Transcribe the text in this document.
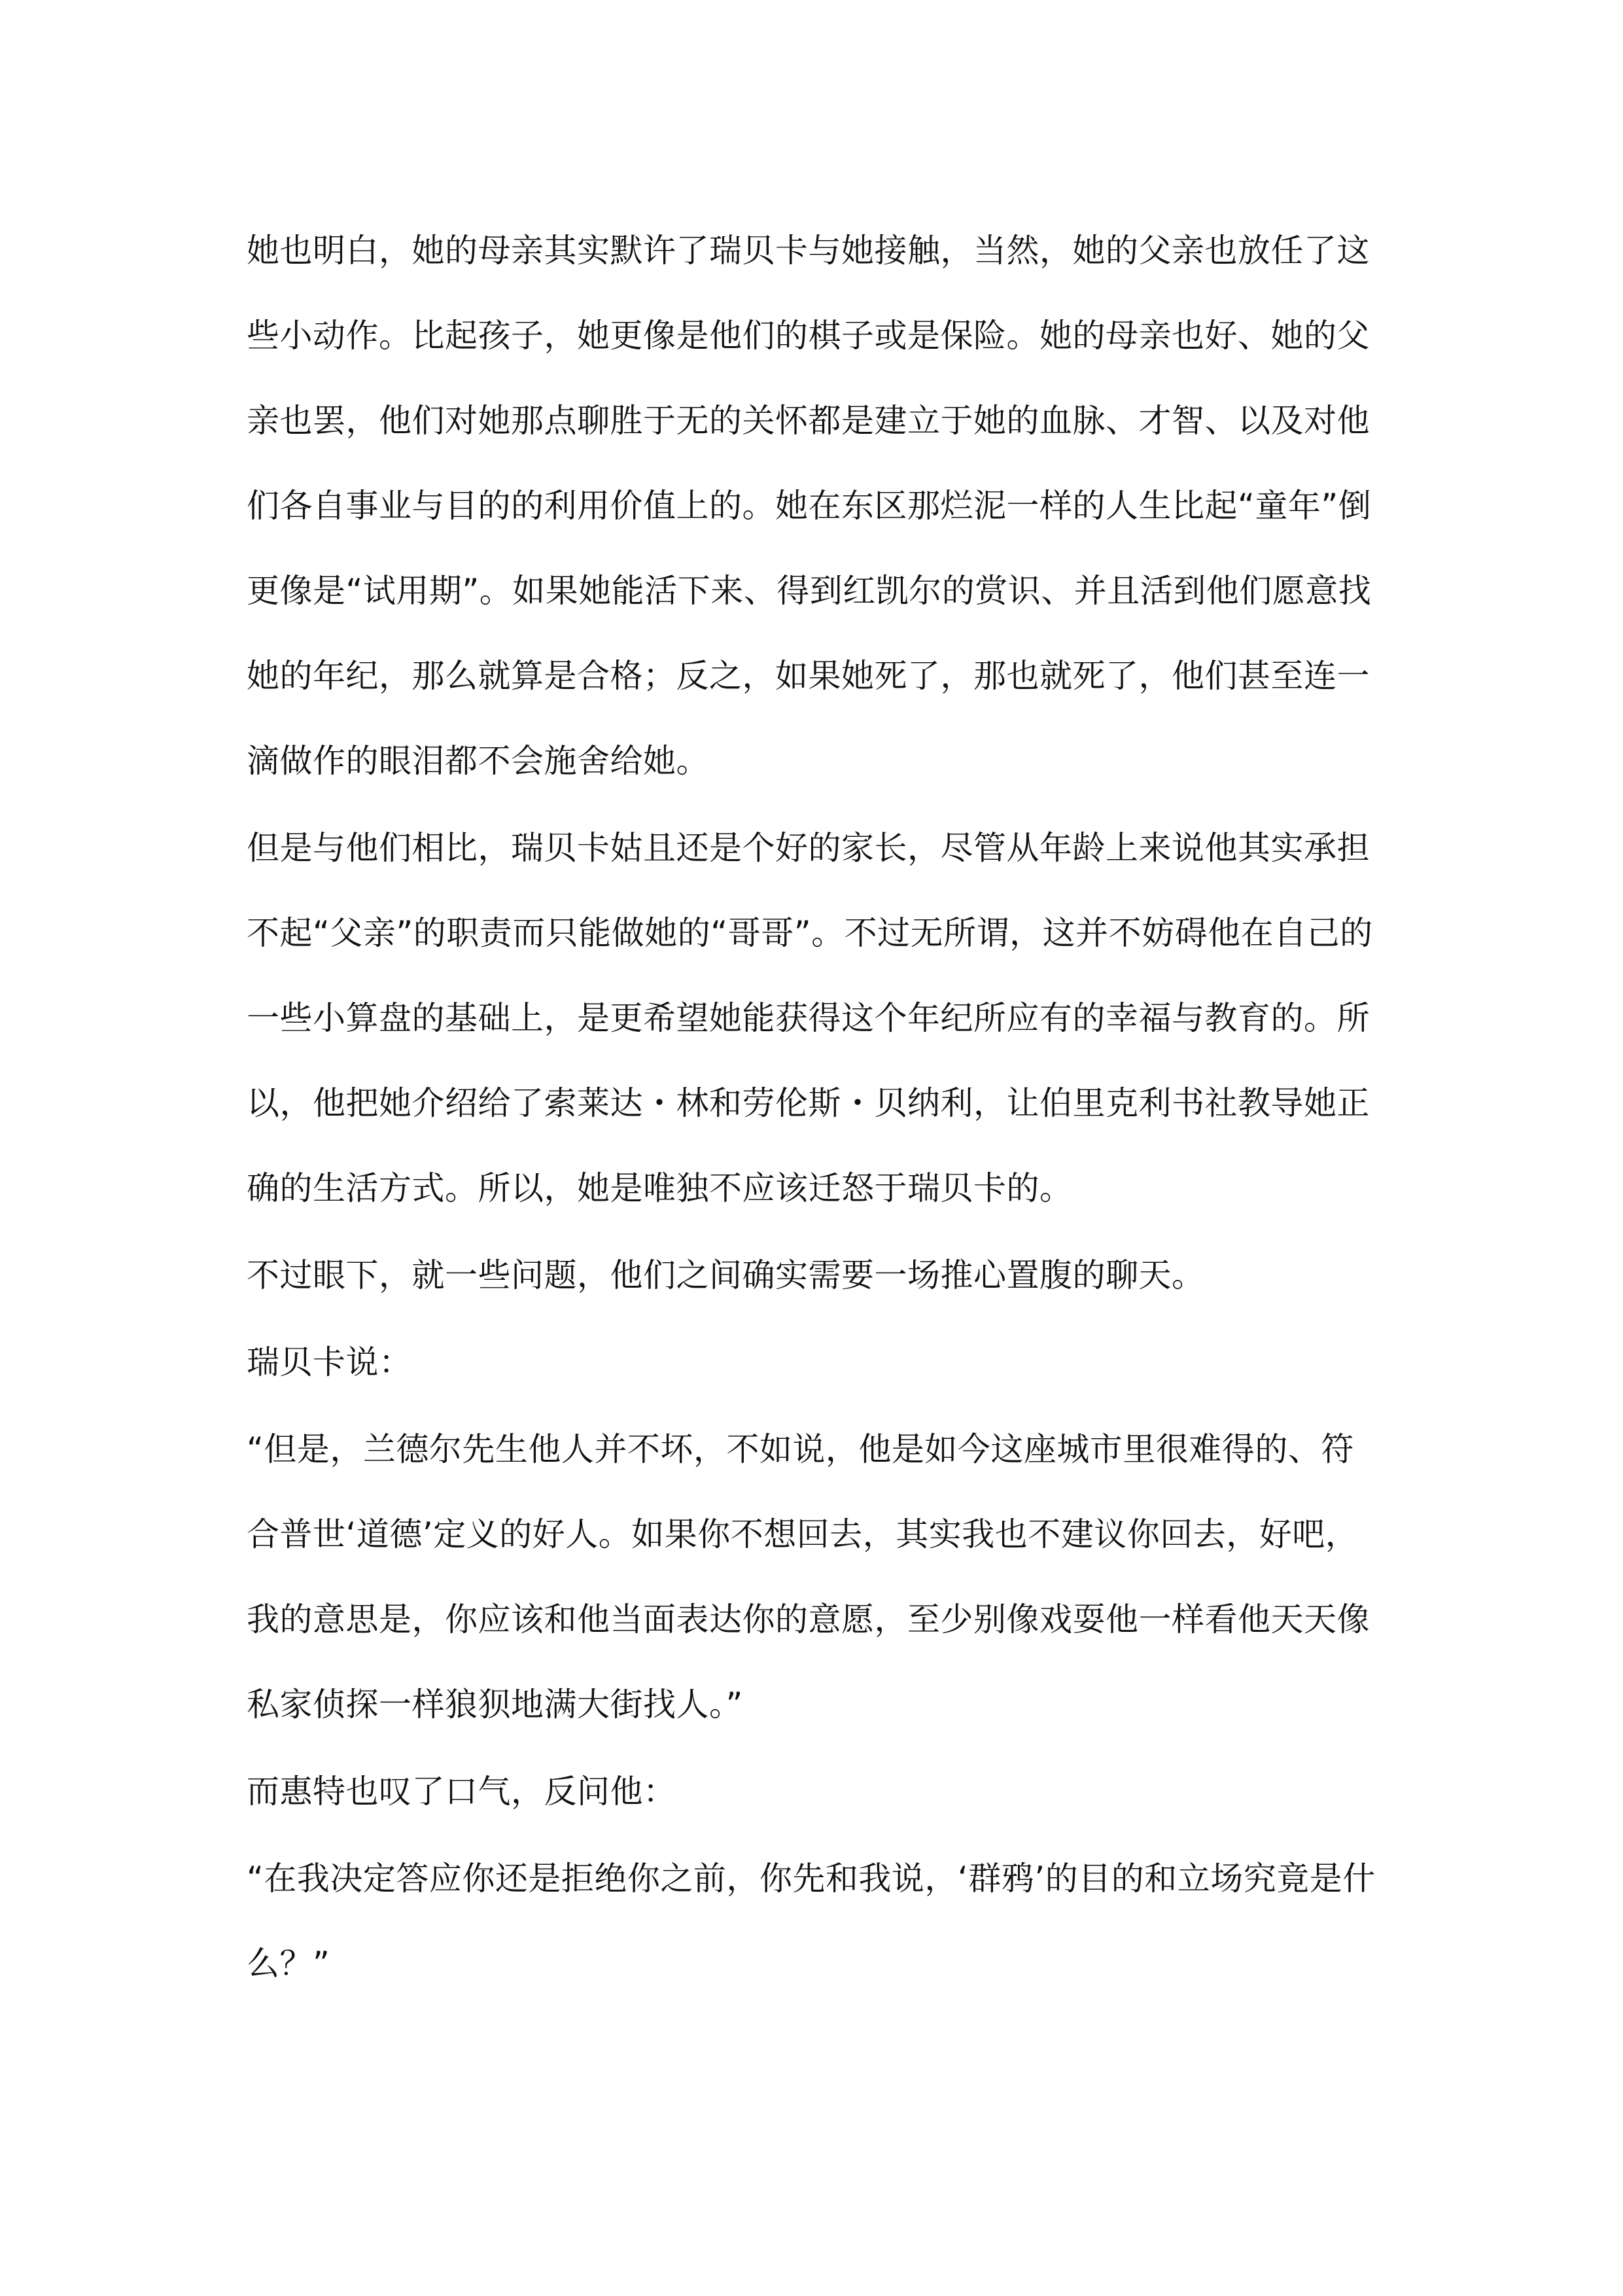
她也明白，她的母亲其实默许了瑞贝卡与她接触，当然，她的父亲也放任了这些小动作。比起孩子，她更像是他们的棋子或是保险。她的母亲也好、她的父亲也罢，他们对她那点聊胜于无的关怀都是建立于她的血脉、才智、以及对他们各自事业与目的的利用价值上的。她在东区那烂泥一样的人生比起“童年”倒更像是“试用期”。如果她能活下来、得到红凯尔的赏识、并且活到他们愿意找她的年纪，那么就算是合格；反之，如果她死了，那也就死了，他们甚至连一滴做作的眼泪都不会施舍给她。

但是与他们相比，瑞贝卡姑且还是个好的家长，尽管从年龄上来说他其实承担不起“父亲”的职责而只能做她的“哥哥”。不过无所谓，这并不妨碍他在自己的一些小算盘的基础上，是更希望她能获得这个年纪所应有的幸福与教育的。所以，他把她介绍给了索莱达・林和劳伦斯・贝纳利，让伯里克利书社教导她正确的生活方式。所以，她是唯独不应该迁怒于瑞贝卡的。

不过眼下，就一些问题，他们之间确实需要一场推心置腹的聊天。

瑞贝卡说：

“但是，兰德尔先生他人并不坏，不如说，他是如今这座城市里很难得的、符合普世‘道德’定义的好人。如果你不想回去，其实我也不建议你回去，好吧，我的意思是，你应该和他当面表达你的意愿，至少别像戏耍他一样看他天天像私家侦探一样狼狈地满大街找人。”

而惠特也叹了口气，反问他：

“在我决定答应你还是拒绝你之前，你先和我说，‘群鸦’的目的和立场究竟是什么？”
